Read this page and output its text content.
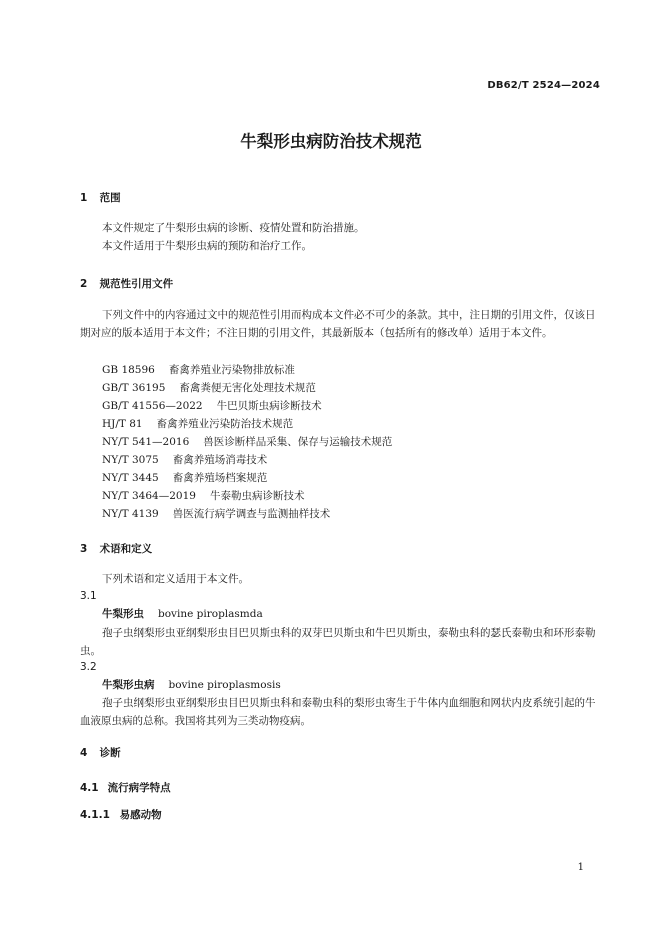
DB62/T 2524—2024
牛梨形虫病防治技术规范
1 范围
本文件规定了牛梨形虫病的诊断、疫情处置和防治措施。
本文件适用于牛梨形虫病的预防和治疗工作。
2 规范性引用文件
下列文件中的内容通过文中的规范性引用而构成本文件必不可少的条款。其中，注日期的引用文件，仅该日期对应的版本适用于本文件；不注日期的引用文件，其最新版本（包括所有的修改单）适用于本文件。
GB 18596 畜禽养殖业污染物排放标准
GB/T 36195 畜禽粪便无害化处理技术规范
GB/T 41556—2022 牛巴贝斯虫病诊断技术
HJ/T 81 畜禽养殖业污染防治技术规范
NY/T 541—2016 兽医诊断样品采集、保存与运输技术规范
NY/T 3075 畜禽养殖场消毒技术
NY/T 3445 畜禽养殖场档案规范
NY/T 3464—2019 牛泰勒虫病诊断技术
NY/T 4139 兽医流行病学调查与监测抽样技术
3 术语和定义
下列术语和定义适用于本文件。
3.1
牛梨形虫 bovine piroplasmda
孢子虫纲梨形虫亚纲梨形虫目巴贝斯虫科的双芽巴贝斯虫和牛巴贝斯虫，泰勒虫科的瑟氏泰勒虫和环形泰勒虫。
3.2
牛梨形虫病 bovine piroplasmosis
孢子虫纲梨形虫亚纲梨形虫目巴贝斯虫科和泰勒虫科的梨形虫寄生于牛体内血细胞和网状内皮系统引起的牛血液原虫病的总称。我国将其列为三类动物疫病。
4 诊断
4.1 流行病学特点
4.1.1 易感动物
1
